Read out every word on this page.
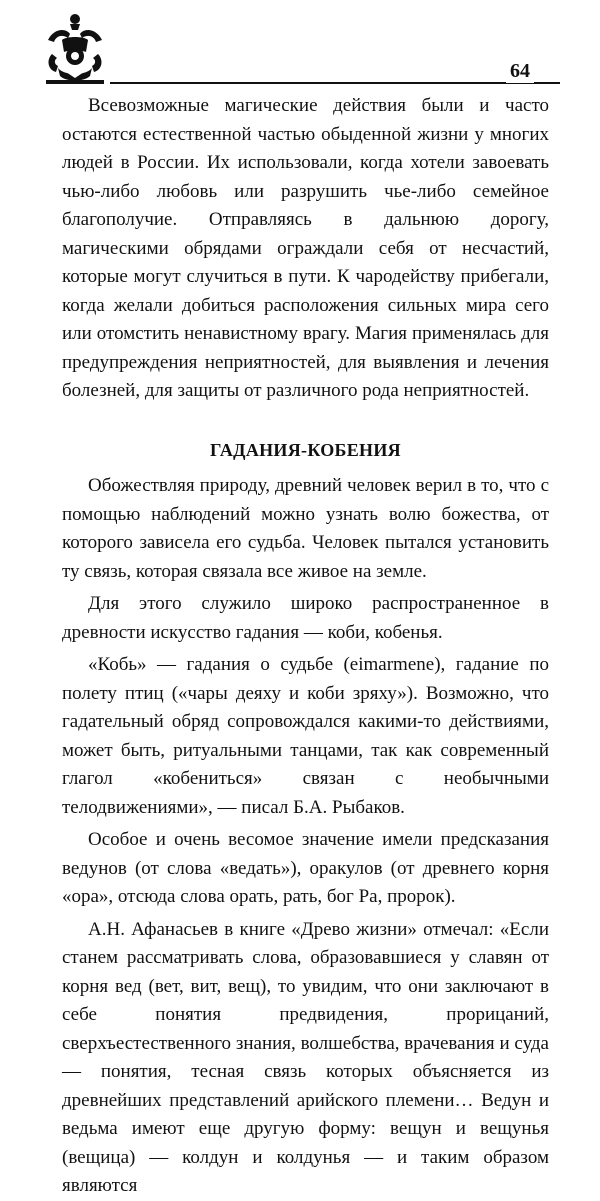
64

Всевозможные магические действия были и часто остаются естественной частью обыденной жизни у многих людей в России. Их использовали, когда хотели завоевать чью-либо любовь или разрушить чье-либо семейное благополучие. Отправляясь в дальнюю дорогу, магическими обрядами ограждали себя от несчастий, которые могут случиться в пути. К чародейству прибегали, когда желали добиться расположения сильных мира сего или отомстить ненавистному врагу. Магия применялась для предупреждения неприятностей, для выявления и лечения болезней, для защиты от различного рода неприятностей.

ГАДАНИЯ-КОБЕНИЯ

Обожествляя природу, древний человек верил в то, что с помощью наблюдений можно узнать волю божества, от которого зависела его судьба. Человек пытался установить ту связь, которая связала все живое на земле.

Для этого служило широко распространенное в древности искусство гадания — коби, кобенья.

«Кобь» — гадания о судьбе (eimarmene), гадание по полету птиц («чары деяху и коби зряху»). Возможно, что гадательный обряд сопровождался какими-то действиями, может быть, ритуальными танцами, так как современный глагол «кобениться» связан с необычными телодвижениями», — писал Б.А. Рыбаков.

Особое и очень весомое значение имели предсказания ведунов (от слова «ведать»), оракулов (от древнего корня «ора», отсюда слова орать, рать, бог Ра, пророк).

А.Н. Афанасьев в книге «Древо жизни» отмечал: «Если станем рассматривать слова, образовавшиеся у славян от корня вед (вет, вит, вещ), то увидим, что они заключают в себе понятия предвидения, прорицаний, сверхъестественного знания, волшебства, врачевания и суда — понятия, тесная связь которых объясняется из древнейших представлений арийского племени… Ведун и ведьма имеют еще другую форму: вещун и вещунья (вещица) — колдун и колдунья — и таким образом являются
